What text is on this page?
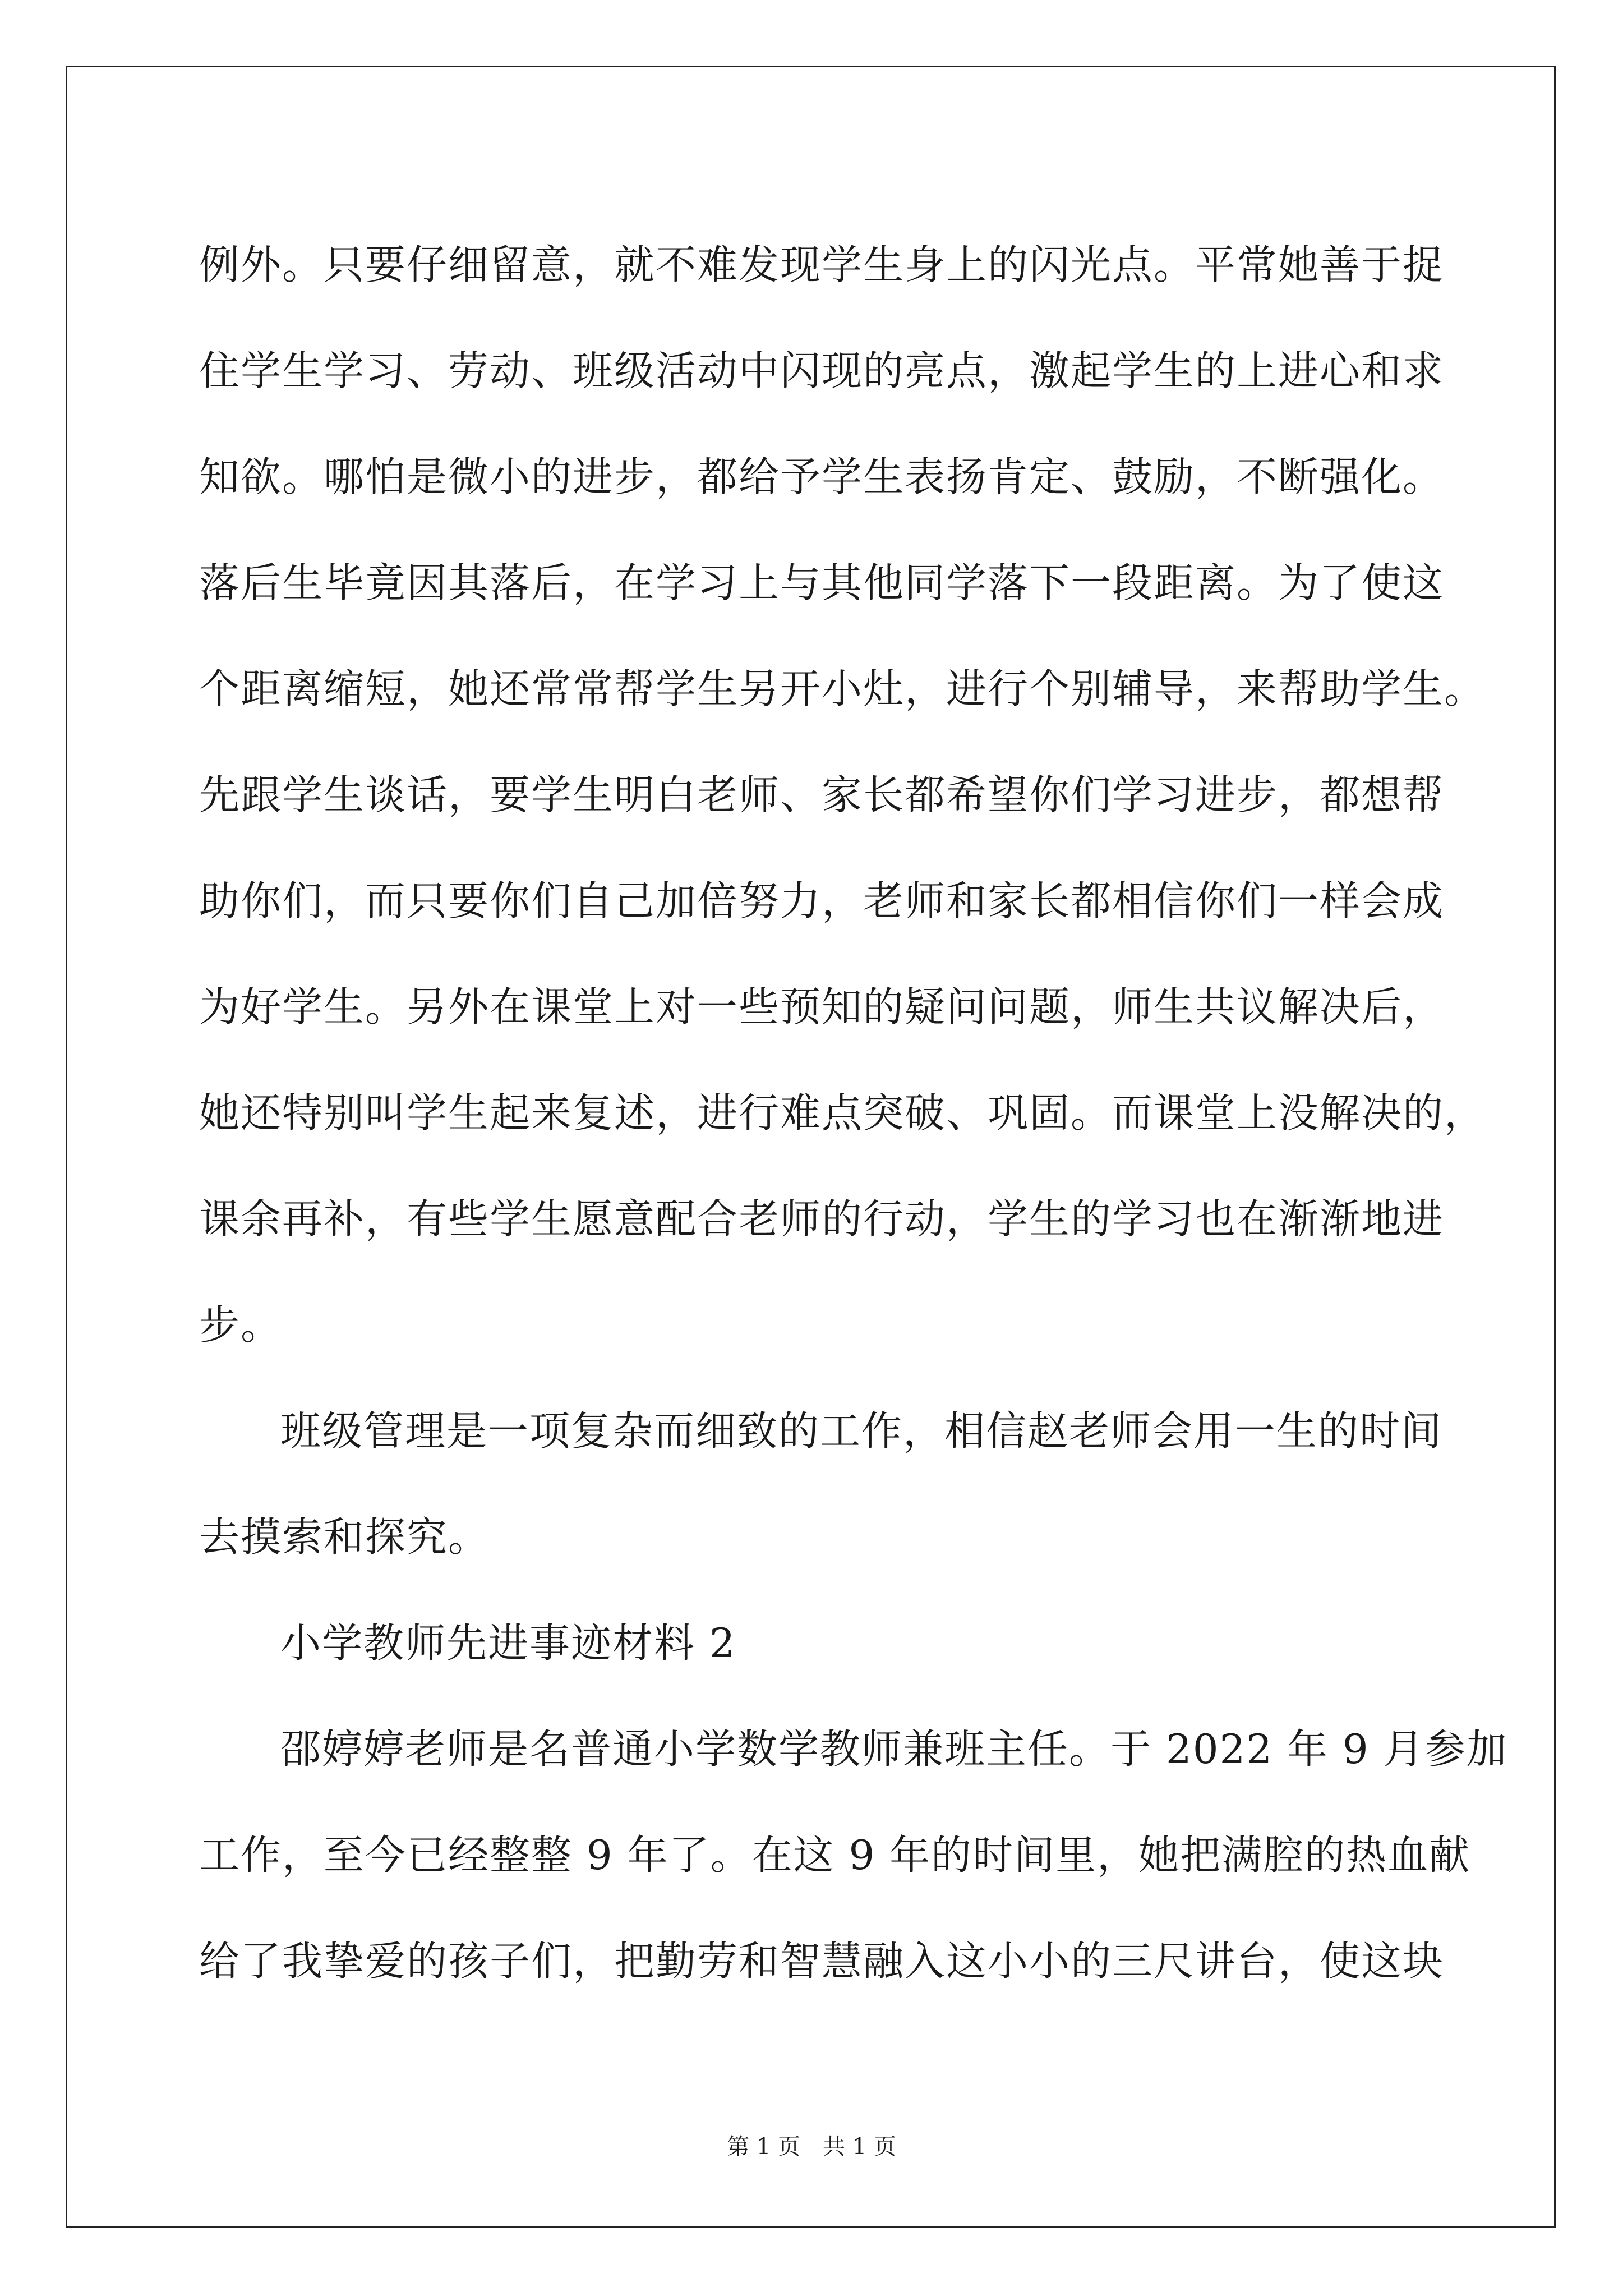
例外。只要仔细留意，就不难发现学生身上的闪光点。平常她善于捉
住学生学习、劳动、班级活动中闪现的亮点，激起学生的上进心和求
知欲。哪怕是微小的进步，都给予学生表扬肯定、鼓励，不断强化。
落后生毕竟因其落后，在学习上与其他同学落下一段距离。为了使这
个距离缩短，她还常常帮学生另开小灶，进行个别辅导，来帮助学生。
先跟学生谈话，要学生明白老师、家长都希望你们学习进步，都想帮
助你们，而只要你们自己加倍努力，老师和家长都相信你们一样会成
为好学生。另外在课堂上对一些预知的疑问问题，师生共议解决后，
她还特别叫学生起来复述，进行难点突破、巩固。而课堂上没解决的，
课余再补，有些学生愿意配合老师的行动，学生的学习也在渐渐地进
步。
班级管理是一项复杂而细致的工作，相信赵老师会用一生的时间
去摸索和探究。
小学教师先进事迹材料 2
邵婷婷老师是名普通小学数学教师兼班主任。于 2022 年 9 月参加
工作，至今已经整整 9 年了。在这 9 年的时间里，她把满腔的热血献
给了我挚爱的孩子们，把勤劳和智慧融入这小小的三尺讲台，使这块
第 1 页 共 1 页
